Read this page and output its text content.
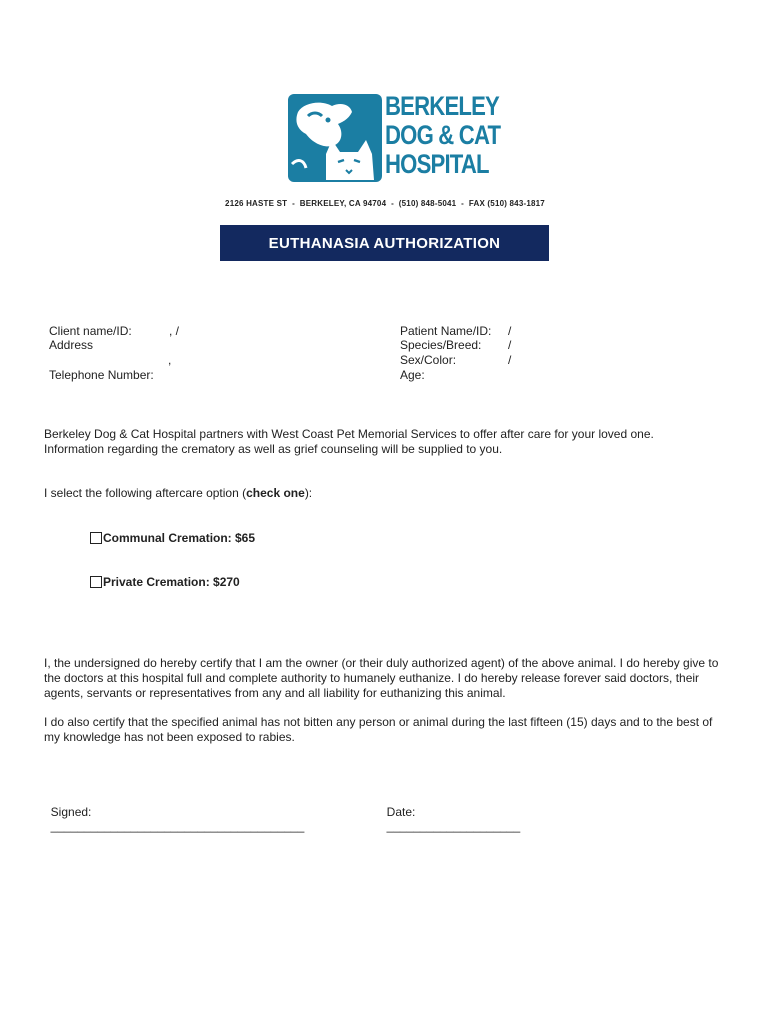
BERKELEY
DOG & CAT
HOSPITAL
2126 HASTE ST  -  BERKELEY, CA 94704  -  (510) 848-5041  -  FAX (510) 843-1817
EUTHANASIA AUTHORIZATION
Client name/ID:	, /
Address
,
Telephone Number:
Patient Name/ID: /
Species/Breed: /
Sex/Color:	/
Age:
Berkeley Dog & Cat Hospital partners with West Coast Pet Memorial Services to offer after care for your loved one.
Information regarding the crematory as well as grief counseling will be supplied to you.
I select the following aftercare option (check one):
Communal Cremation: $65
Private Cremation: $270
I, the undersigned do hereby certify that I am the owner (or their duly authorized agent) of the above animal. I do hereby give to the doctors at this hospital full and complete authority to humanely euthanize. I do hereby release forever said doctors, their agents, servants or representatives from any and all liability for euthanizing this animal.
I do also certify that the specified animal has not bitten any person or animal during the last fifteen (15) days and to the best of my knowledge has not been exposed to rabies.

Signed:
______________________________________

Date:
____________________
